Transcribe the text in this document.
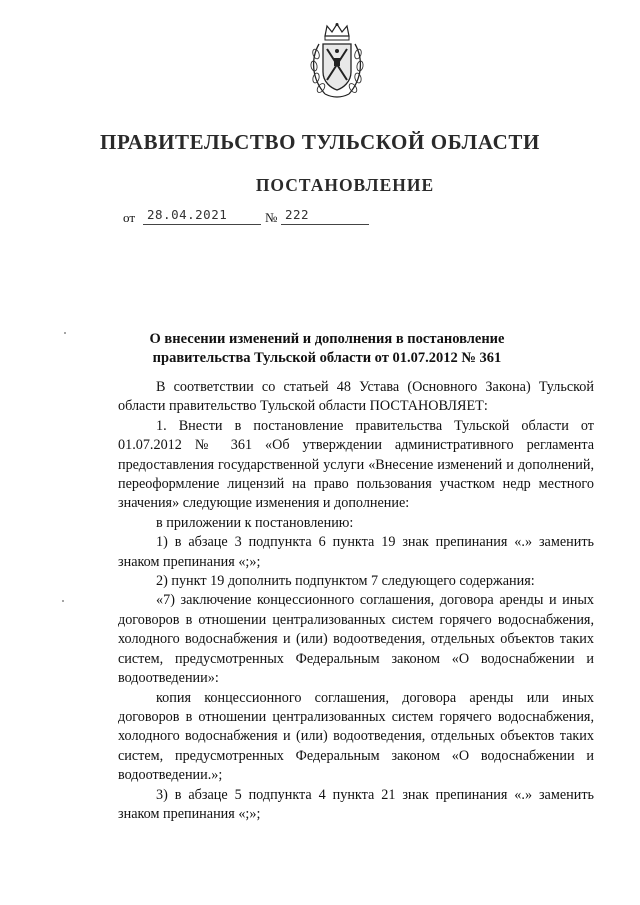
ПРАВИТЕЛЬСТВО ТУЛЬСКОЙ ОБЛАСТИ
ПОСТАНОВЛЕНИЕ
от 28.04.2021	№ 222
О внесении изменений и дополнения в постановление
правительства Тульской области от 01.07.2012 № 361

В соответствии со статьей 48 Устава (Основного Закона) Тульской области правительство Тульской области ПОСТАНОВЛЯЕТ:

1. Внести в постановление правительства Тульской области от 01.07.2012 № 361 «Об утверждении административного регламента предоставления государственной услуги «Внесение изменений и дополнений, переоформление лицензий на право пользования участком недр местного значения» следующие изменения и дополнение:

в приложении к постановлению:

1) в абзаце 3 подпункта 6 пункта 19 знак препинания «.» заменить знаком препинания «;»;

2) пункт 19 дополнить подпунктом 7 следующего содержания:

«7) заключение концессионного соглашения, договора аренды и иных договоров в отношении централизованных систем горячего водоснабжения, холодного водоснабжения и (или) водоотведения, отдельных объектов таких систем, предусмотренных Федеральным законом «О водоснабжении и водоотведении»:

копия концессионного соглашения, договора аренды или иных договоров в отношении централизованных систем горячего водоснабжения, холодного водоснабжения и (или) водоотведения, отдельных объектов таких систем, предусмотренных Федеральным законом «О водоснабжении и водоотведении.»;

3) в абзаце 5 подпункта 4 пункта 21 знак препинания «.» заменить знаком препинания «;»;
